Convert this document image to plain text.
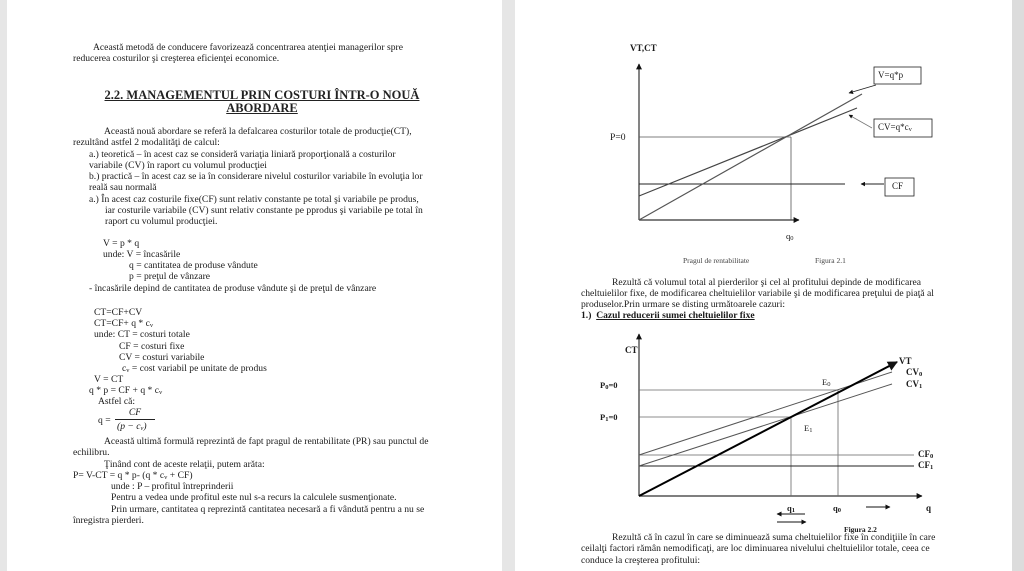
Această metodă de conducere favorizează concentrarea atenţiei managerilor spre
reducerea costurilor şi creşterea eficienţei economice.
2.2. MANAGEMENTUL PRIN COSTURI ÎNTR-O NOUĂ
ABORDARE
Această nouă abordare se referă la defalcarea costurilor totale de producţie(CT),
rezultând astfel 2 modalităţi de calcul:
a.) teoretică – în acest caz se consideră variaţia liniară proporţională a costurilor
variabile (CV) în raport cu volumul producţiei
b.) practică – în acest caz se ia în considerare nivelul costurilor variabile în evoluţia lor
reală sau normală
a.) În acest caz costurile fixe(CF) sunt relativ constante pe total şi variabile pe produs,
iar costurile variabile (CV) sunt relativ constante pe pprodus şi variabile pe total în
raport cu volumul producţiei.
V = p * q
unde: V = încasările
q = cantitatea de produse vândute
p = preţul de vânzare
- încasările depind de cantitatea de produse vândute şi de preţul de vânzare
CT=CF+CV
CT=CF+ q * cv
unde: CT = costuri totale
CF = costuri fixe
CV = costuri variabile
cv = cost variabil pe unitate de produs
V = CT
q * p = CF + q * cv
Astfel că:
q =
CF
(p − cv)
Această ultimă formulă reprezintă de fapt pragul de rentabilitate (PR) sau punctul de
echilibru.
Ţinând cont de aceste relaţii, putem arăta:
P= V-CT = q * p- (q * cv + CF)
unde : P – profitul întreprinderii
Pentru a vedea unde profitul este nul s-a recurs la calculele susmenţionate.
Prin urmare, cantitatea q reprezintă cantitatea necesară a fi vândută pentru a nu se
înregistra pierderi.
VT,CT
P=0
V=q*p
CV=q*cv
CF
q0
Pragul de rentabilitate	Figura 2.1
Rezultă că volumul total al pierderilor şi cel al profitului depinde de modificarea
cheltuielilor fixe, de modificarea cheltuielilor variabile şi de modificarea preţului de piaţă al
produselor.Prin urmare se disting următoarele cazuri:
1.) Cazul reducerii sumei cheltuielilor fixe
CT
P0=0
P1=0
E0
E1
VT
CV0
CV1
CF0
CF1
q1	q0	q
Figura 2.2
Rezultă că în cazul în care se diminuează suma cheltuielilor fixe în condiţiile în care
ceilalţi factori rămân nemodificaţi, are loc diminuarea nivelului cheltuielilor totale, ceea ce
conduce la creşterea profitului:
